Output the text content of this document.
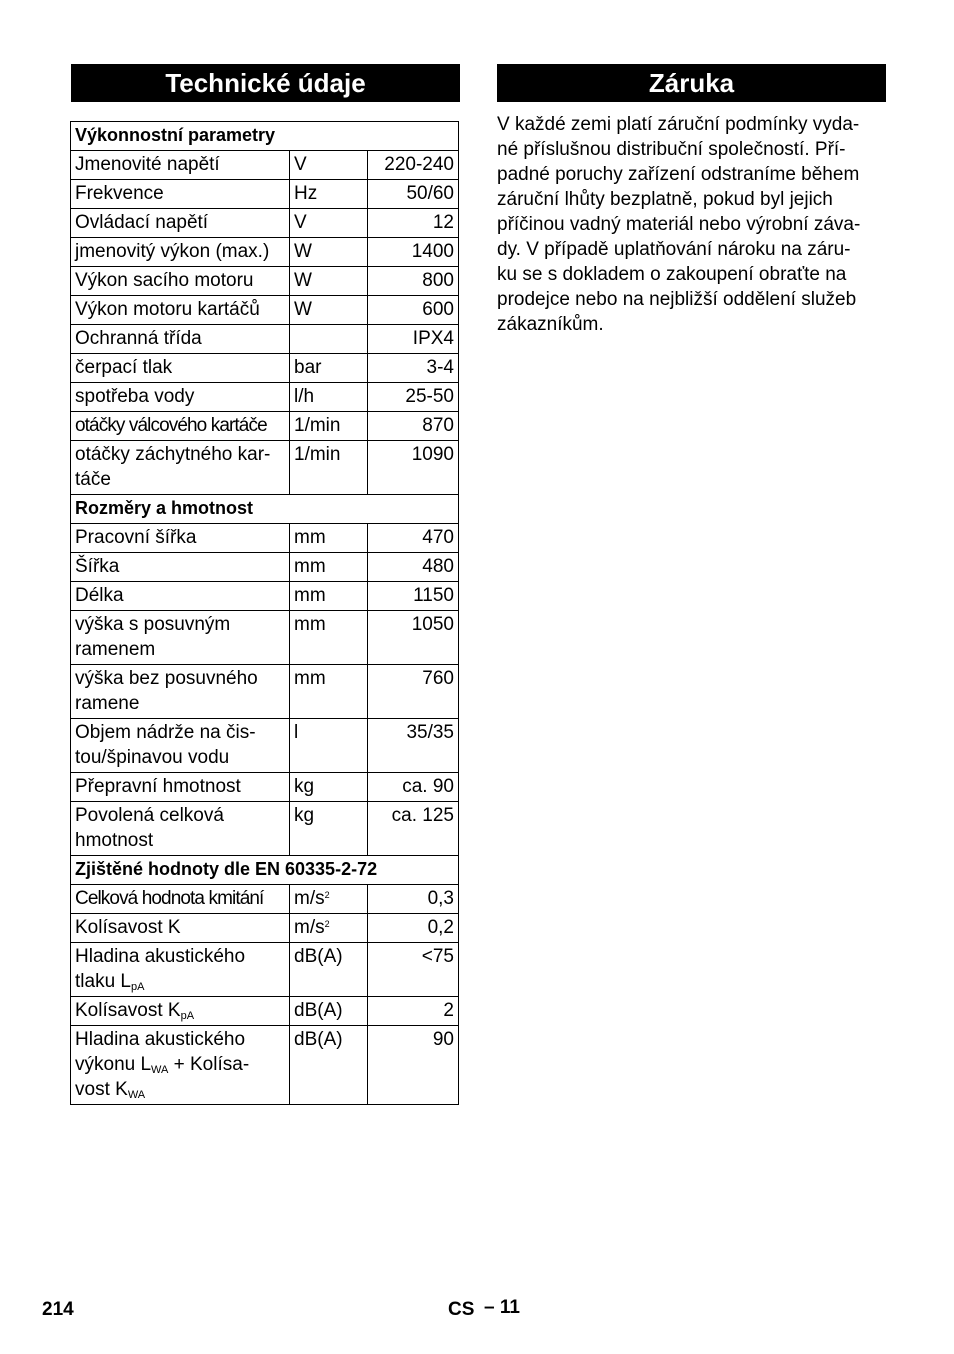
Technické údaje	Záruka
Výkonnostní parametry		
Jmenovité napětí	V	220-240
Frekvence	Hz	50/60
Ovládací napětí	V	12
jmenovitý výkon (max.)	W	1400
Výkon sacího motoru	W	800
Výkon motoru kartáčů	W	600
Ochranná třída		IPX4
čerpací tlak	bar	3-4
spotřeba vody	l/h	25-50
otáčky válcového kartáče	1/min	870
otáčky záchytného kar-
táče	1/min	1090
Rozměry a hmotnost		
Pracovní šířka	mm	470
Šířka	mm	480
Délka	mm	1150
výška s posuvným
ramenem	mm	1050
výška bez posuvného
ramene	mm	760
Objem nádrže na čis-
tou/špinavou vodu	l	35/35
Přepravní hmotnost	kg	ca. 90
Povolená celková
hmotnost	kg	ca. 125
Zjištěné hodnoty dle EN 60335-2-72		
Celková hodnota kmitání	$m/s^2$	0,3
Kolísavost K	$m/s^2$	0,2
Hladina akustického
tlaku $L_{pA}$	dB(A)	<75
Kolísavost $K_{pA}$	dB(A)	2
Hladina akustického
výkonu $L_{WA}$ + Kolísa-
vost $K_{WA}$	dB(A)	90
V každé zemi platí záruční podmínky vyda-
né příslušnou distribuční společností. Pří-
padné poruchy zařízení odstraníme během
záruční lhůty bezplatně, pokud byl jejich
příčinou vadný materiál nebo výrobní záva-
dy. V případě uplatňování nároku na záru-
ku se s dokladem o zakoupení obraťte na
prodejce nebo na nejbližší oddělení služeb
zákazníkům.
214	CS – 11
